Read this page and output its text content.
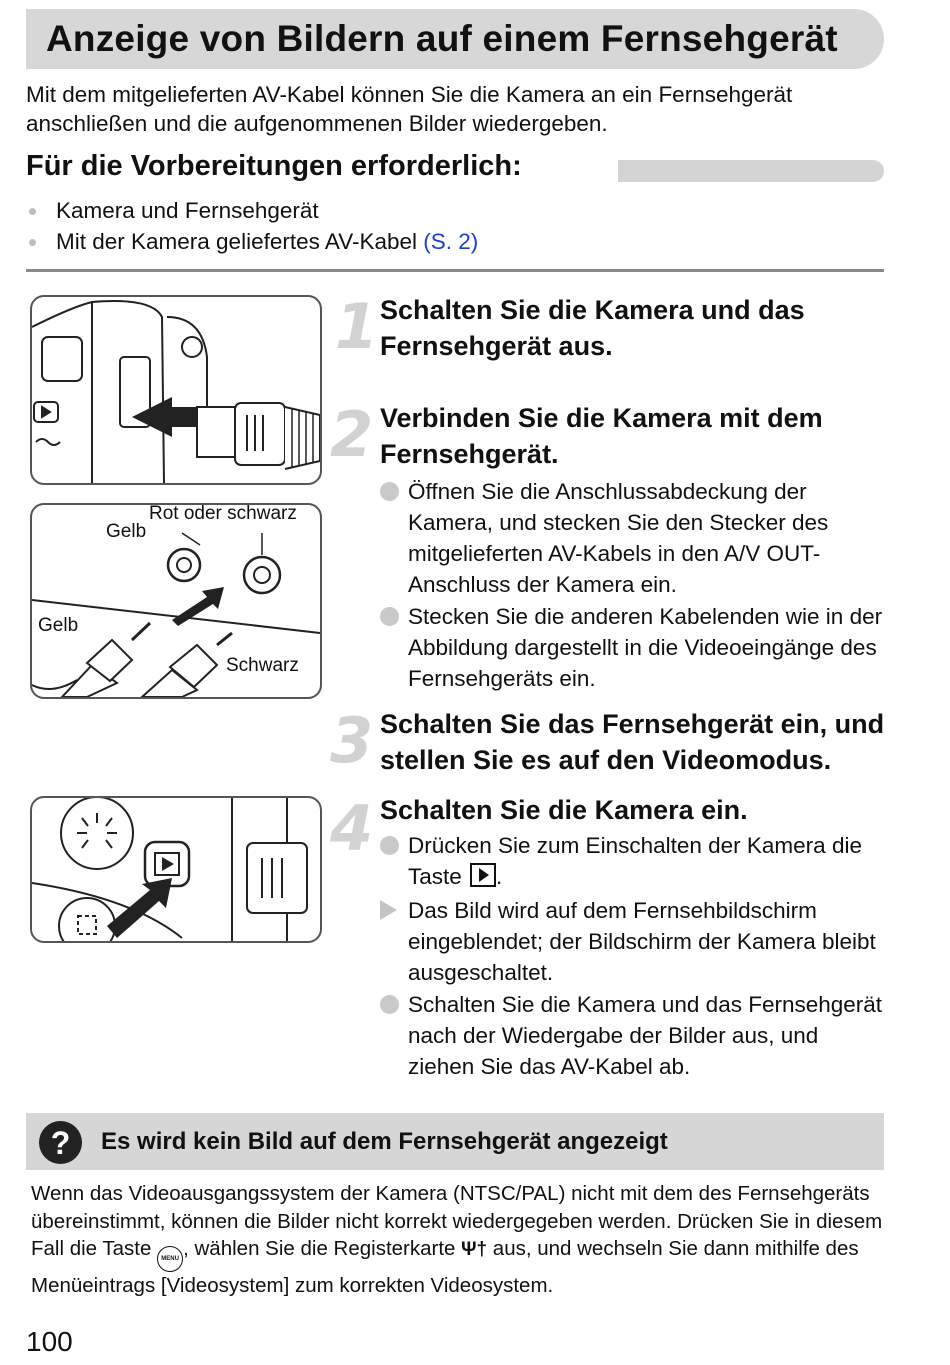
Anzeige von Bildern auf einem Fernsehgerät
Mit dem mitgelieferten AV-Kabel können Sie die Kamera an ein Fernsehgerät anschließen und die aufgenommenen Bilder wiedergeben.
Für die Vorbereitungen erforderlich:
Kamera und Fernsehgerät
Mit der Kamera geliefertes AV-Kabel (S. 2)
Rot oder schwarz
Gelb
Gelb
Schwarz
1 Schalten Sie die Kamera und das Fernsehgerät aus.
2 Verbinden Sie die Kamera mit dem Fernsehgerät.
Öffnen Sie die Anschlussabdeckung der Kamera, und stecken Sie den Stecker des mitgelieferten AV-Kabels in den A/V OUT-Anschluss der Kamera ein.
Stecken Sie die anderen Kabelenden wie in der Abbildung dargestellt in die Videoeingänge des Fernsehgeräts ein.
3 Schalten Sie das Fernsehgerät ein, und stellen Sie es auf den Videomodus.
4 Schalten Sie die Kamera ein.
Drücken Sie zum Einschalten der Kamera die Taste .
Das Bild wird auf dem Fernsehbildschirm eingeblendet; der Bildschirm der Kamera bleibt ausgeschaltet.
Schalten Sie die Kamera und das Fernsehgerät nach der Wiedergabe der Bilder aus, und ziehen Sie das AV-Kabel ab.
?	Es wird kein Bild auf dem Fernsehgerät angezeigt
Wenn das Videoausgangssystem der Kamera (NTSC/PAL) nicht mit dem des Fernsehgeräts übereinstimmt, können die Bilder nicht korrekt wiedergegeben werden. Drücken Sie in diesem Fall die Taste MENU , wählen Sie die Registerkarte Ψ† aus, und wechseln Sie dann mithilfe des Menüeintrags [Videosystem] zum korrekten Videosystem.
100
